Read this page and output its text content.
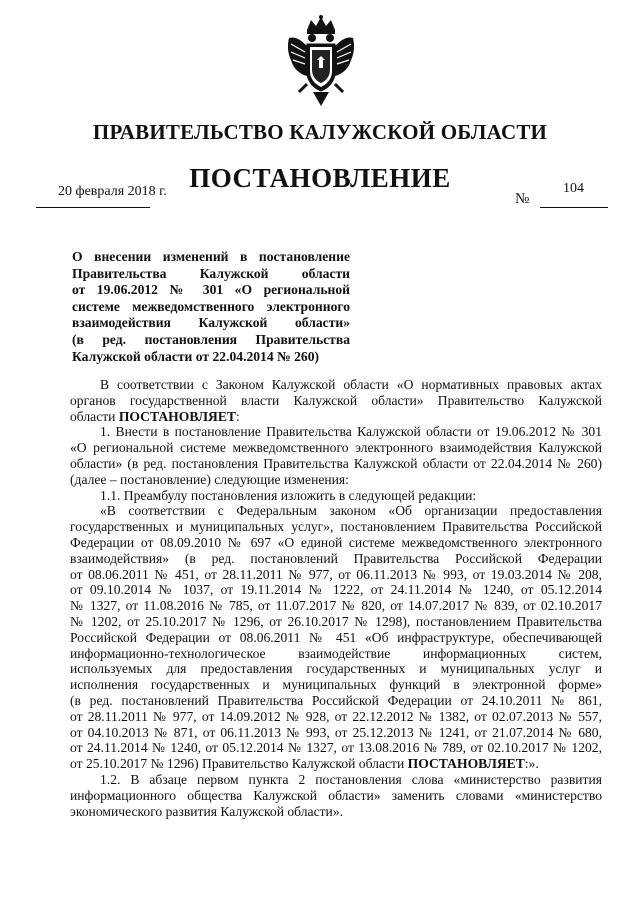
ПРАВИТЕЛЬСТВО КАЛУЖСКОЙ ОБЛАСТИ
ПОСТАНОВЛЕНИЕ
20 февраля 2018 г.	104
№
О внесении изменений в постановление
Правительства Калужской области
от 19.06.2012 № 301 «О региональной
системе межведомственного электронного
взаимодействия Калужской области»
(в ред. постановления Правительства
Калужской области от 22.04.2014 № 260)
В соответствии с Законом Калужской области «О нормативных правовых актах
органов государственной власти Калужской области» Правительство Калужской
области ПОСТАНОВЛЯЕТ:
1. Внести в постановление Правительства Калужской области от 19.06.2012 № 301
«О региональной системе межведомственного электронного взаимодействия Калужской
области» (в ред. постановления Правительства Калужской области от 22.04.2014 № 260)
(далее – постановление) следующие изменения:
1.1. Преамбулу постановления изложить в следующей редакции:
«В соответствии с Федеральным законом «Об организации предоставления
государственных и муниципальных услуг», постановлением Правительства Российской
Федерации от 08.09.2010 № 697 «О единой системе межведомственного электронного
взаимодействия» (в ред. постановлений Правительства Российской Федерации
от 08.06.2011 № 451, от 28.11.2011 № 977, от 06.11.2013 № 993, от 19.03.2014 № 208,
от 09.10.2014 № 1037, от 19.11.2014 № 1222, от 24.11.2014 № 1240, от 05.12.2014
№ 1327, от 11.08.2016 № 785, от 11.07.2017 № 820, от 14.07.2017 № 839, от 02.10.2017
№ 1202, от 25.10.2017 № 1296, от 26.10.2017 № 1298), постановлением Правительства
Российской Федерации от 08.06.2011 № 451 «Об инфраструктуре, обеспечивающей
информационно-технологическое взаимодействие информационных систем,
используемых для предоставления государственных и муниципальных услуг и
исполнения государственных и муниципальных функций в электронной форме»
(в ред. постановлений Правительства Российской Федерации от 24.10.2011 № 861,
от 28.11.2011 № 977, от 14.09.2012 № 928, от 22.12.2012 № 1382, от 02.07.2013 № 557,
от 04.10.2013 № 871, от 06.11.2013 № 993, от 25.12.2013 № 1241, от 21.07.2014 № 680,
от 24.11.2014 № 1240, от 05.12.2014 № 1327, от 13.08.2016 № 789, от 02.10.2017 № 1202,
от 25.10.2017 № 1296) Правительство Калужской области ПОСТАНОВЛЯЕТ:».
1.2. В абзаце первом пункта 2 постановления слова «министерство развития
информационного общества Калужской области» заменить словами «министерство
экономического развития Калужской области».
